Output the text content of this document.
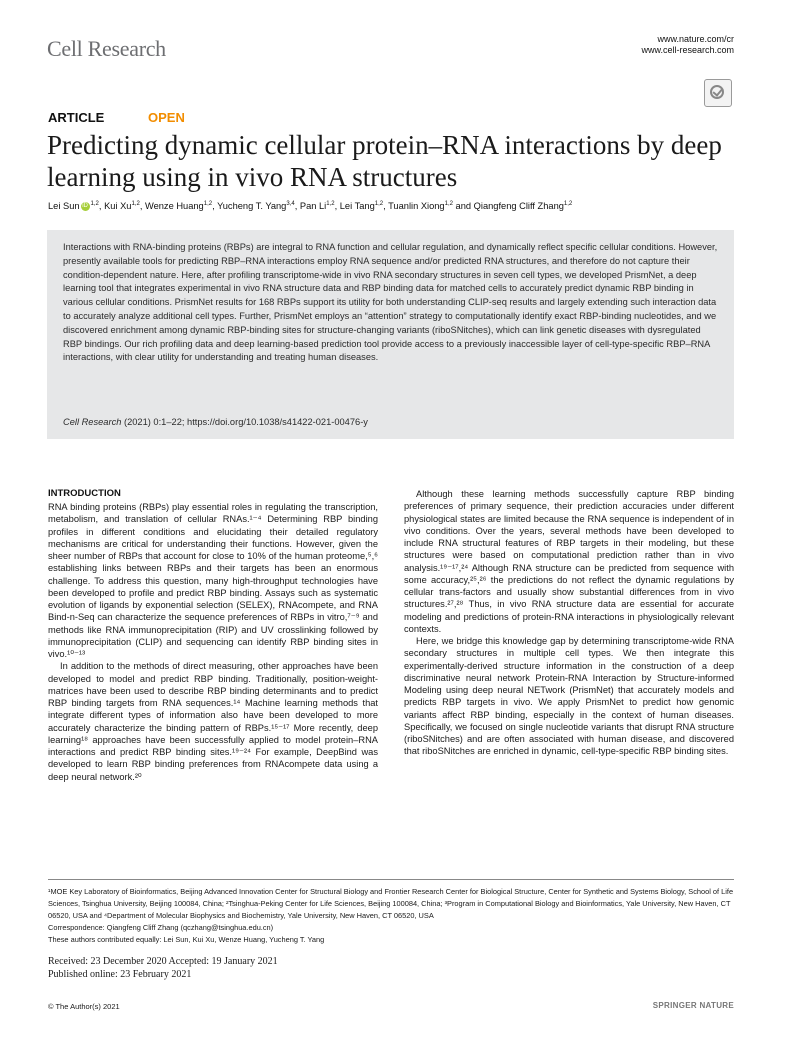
Cell Research	www.nature.com/cr
www.cell-research.com
ARTICLE	OPEN
Predicting dynamic cellular protein–RNA interactions by deep learning using in vivo RNA structures
Lei Sun iD $^{1,2}$, Kui Xu$^{1,2}$, Wenze Huang$^{1,2}$, Yucheng T. Yang$^{3,4}$, Pan Li$^{1,2}$, Lei Tang$^{1,2}$, Tuanlin Xiong$^{1,2}$ and Qiangfeng Cliff Zhang$^{1,2}$
Interactions with RNA-binding proteins (RBPs) are integral to RNA function and cellular regulation, and dynamically reflect specific cellular conditions. However, presently available tools for predicting RBP–RNA interactions employ RNA sequence and/or predicted RNA structures, and therefore do not capture their condition-dependent nature. Here, after profiling transcriptome-wide in vivo RNA secondary structures in seven cell types, we developed PrismNet, a deep learning tool that integrates experimental in vivo RNA structure data and RBP binding data for matched cells to accurately predict dynamic RBP binding in various cellular conditions. PrismNet results for 168 RBPs support its utility for both understanding CLIP-seq results and largely extending such interaction data to accurately analyze additional cell types. Further, PrismNet employs an “attention” strategy to computationally identify exact RBP-binding nucleotides, and we discovered enrichment among dynamic RBP-binding sites for structure-changing variants (riboSNitches), which can link genetic diseases with dysregulated RBP bindings. Our rich profiling data and deep learning-based prediction tool provide access to a previously inaccessible layer of cell-type-specific RBP–RNA interactions, with clear utility for understanding and treating human diseases.
Cell Research (2021) 0:1–22; https://doi.org/10.1038/s41422-021-00476-y
INTRODUCTION

RNA binding proteins (RBPs) play essential roles in regulating the transcription, metabolism, and translation of cellular RNAs.¹⁻⁴ Determining RBP binding profiles in different conditions and elucidating their detailed regulatory mechanisms are critical for understanding their functions. However, given the sheer number of RBPs that account for close to 10% of the human proteome,⁵,⁶ establishing links between RBPs and their targets has been an enormous challenge. To address this question, many high-throughput technologies have been developed to profile and predict RBP binding. Assays such as systematic evolution of ligands by exponential selection (SELEX), RNAcompete, and RNA Bind-n-Seq can characterize the sequence preferences of RBPs in vitro,⁷⁻⁹ and methods like RNA immunoprecipitation (RIP) and UV crosslinking followed by immunoprecipitation (CLIP) and sequencing can identify RBP binding sites in vivo.¹⁰⁻¹³

In addition to the methods of direct measuring, other approaches have been developed to model and predict RBP binding. Traditionally, position-weight-matrices have been used to describe RBP binding determinants and to predict RBP binding targets from RNA sequences.¹⁴ Machine learning methods that integrate different types of information also have been developed to more accurately characterize the binding pattern of RBPs.¹⁵⁻¹⁷ More recently, deep learning¹⁸ approaches have been successfully applied to model protein–RNA interactions and predict RBP binding sites.¹⁹⁻²⁴ For example, DeepBind was developed to learn RBP binding preferences from RNAcompete data using a deep neural network.²⁰

Although these learning methods successfully capture RBP binding preferences of primary sequence, their prediction accuracies under different physiological states are limited because the RNA sequence is independent of in vivo conditions. Over the years, several methods have been developed to include RNA structural features of RBP targets in their modeling, but these structures were based on computational prediction rather than in vivo analysis.¹⁹⁻¹⁷,²⁴ Although RNA structure can be predicted from sequence with some accuracy,²⁵,²⁶ the predictions do not reflect the dynamic regulations by cellular trans-factors and usually show substantial differences from in vivo structures.²⁷,²⁸ Thus, in vivo RNA structure data are essential for accurate modeling and predictions of protein-RNA interactions in physiologically relevant contexts.

Here, we bridge this knowledge gap by determining transcriptome-wide RNA secondary structures in multiple cell types. We then integrate this experimentally-derived structure information in the construction of a deep discriminative neural network Protein-RNA Interaction by Structure-informed Modeling using deep neural NETwork (PrismNet) that accurately models and predicts RBP targets in vivo. We apply PrismNet to predict how genomic variants affect RBP binding, especially in the context of human diseases. Specifically, we focused on single nucleotide variants that disrupt RNA structure (riboSNitches) and are often associated with human disease, and discovered that riboSNitches are enriched in dynamic, cell-type-specific RBP binding sites.

¹MOE Key Laboratory of Bioinformatics, Beijing Advanced Innovation Center for Structural Biology and Frontier Research Center for Biological Structure, Center for Synthetic and Systems Biology, School of Life Sciences, Tsinghua University, Beijing 100084, China; ²Tsinghua-Peking Center for Life Sciences, Beijing 100084, China; ³Program in Computational Biology and Bioinformatics, Yale University, New Haven, CT 06520, USA and ⁴Department of Molecular Biophysics and Biochemistry, Yale University, New Haven, CT 06520, USA

Correspondence: Qiangfeng Cliff Zhang (qczhang@tsinghua.edu.cn)

These authors contributed equally: Lei Sun, Kui Xu, Wenze Huang, Yucheng T. Yang

Received: 23 December 2020 Accepted: 19 January 2021
Published online: 23 February 2021
© The Author(s) 2021	SPRINGER NATURE
